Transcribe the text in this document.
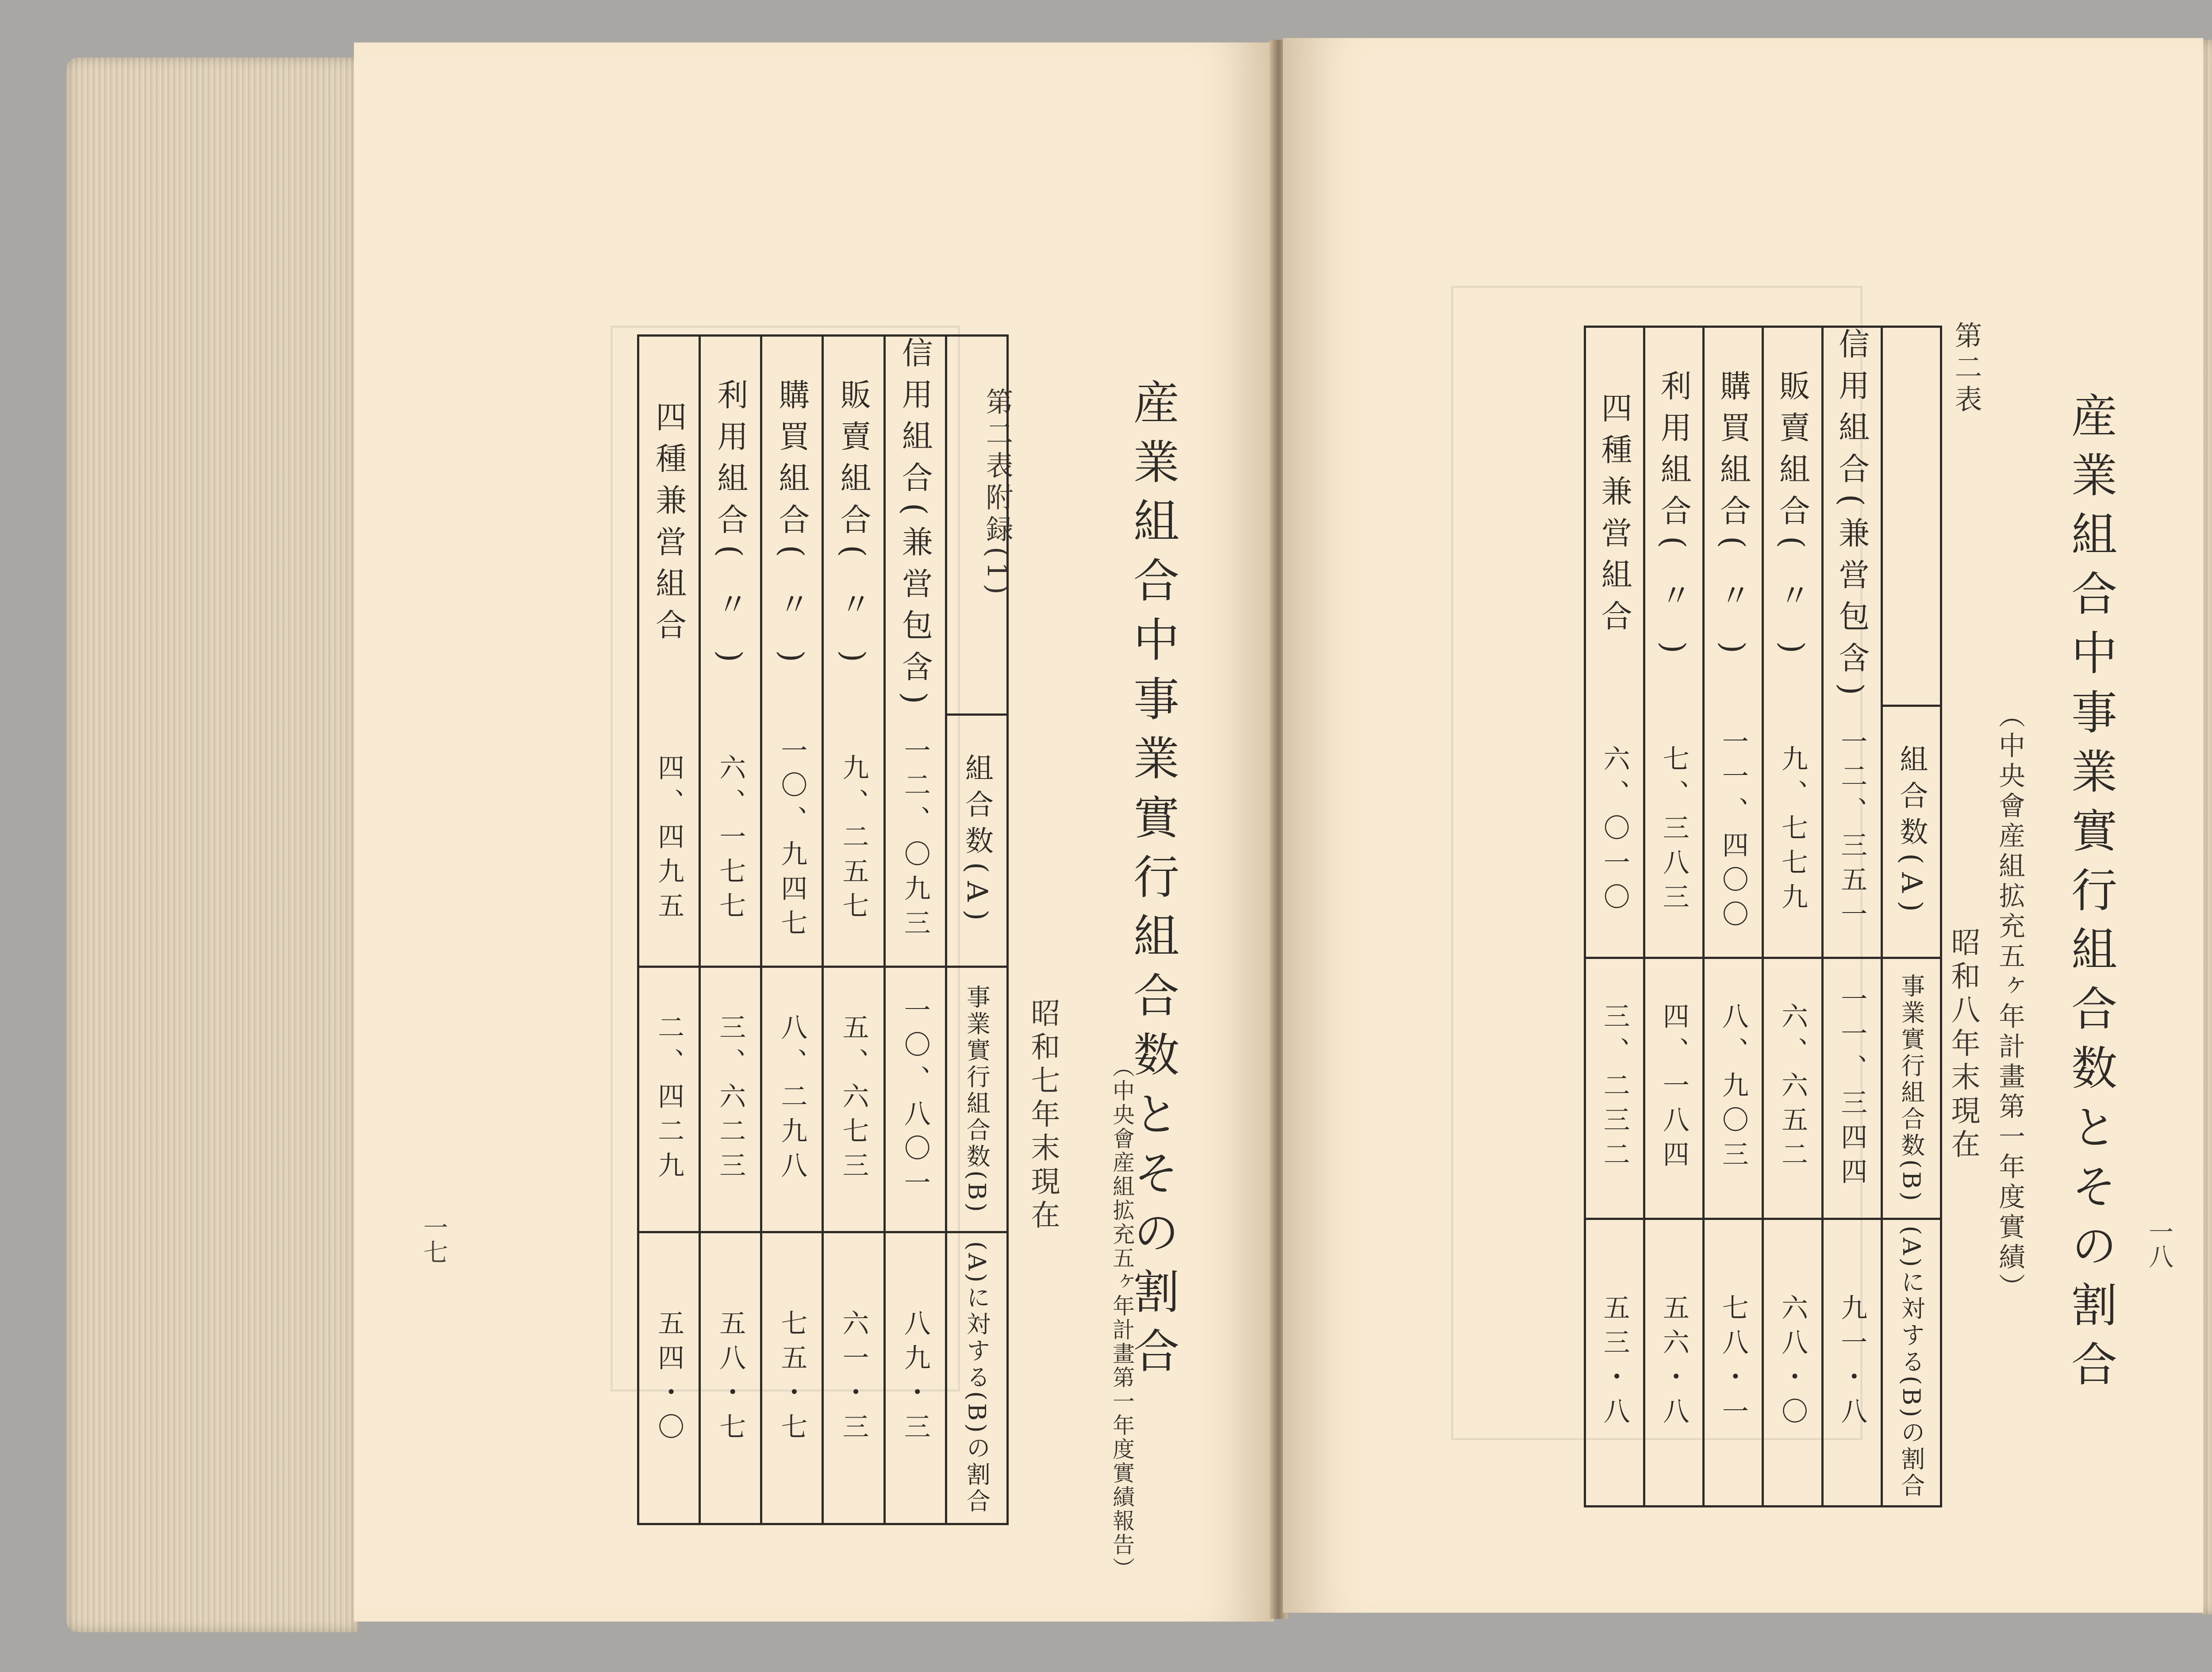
産業組合中事業實行組合数とその割合
（中央會産組拡充五ヶ年計畫第一年度實績報告）
昭和七年末現在
第二表附録(1)
一七
四種兼営組合	利用組合( 〃 )	購買組合( 〃 )	販賣組合( 〃 )	信用組合(兼営包含)	

四、四九五	六、一七七	一〇、九四七	九、二五七	一二、〇九三	組合数(A)

二、四二九	三、六二三	八、二九八	五、六七三	一〇、八〇一	事業實行組合数(B)

五四・〇	五八・七	七五・七	六一・三	八九・三	(A)に対する(B)の割合	産業組合中事業實行組合数とその割合
（中央會産組拡充五ヶ年計畫第一年度實績）
昭和八年末現在
第二表
一八
四種兼営組合	利用組合( 〃 )	購買組合( 〃 )	販賣組合( 〃 )	信用組合(兼営包含)	

六、〇一〇	七、三八三	一一、四〇〇	九、七七九	一二、三五一	組合数(A)

三、二三二	四、一八四	八、九〇三	六、六五二	一一、三四四	事業實行組合数(B)

五三・八	五六・八	七八・一	六八・〇	九一・八	(A)に対する(B)の割合
